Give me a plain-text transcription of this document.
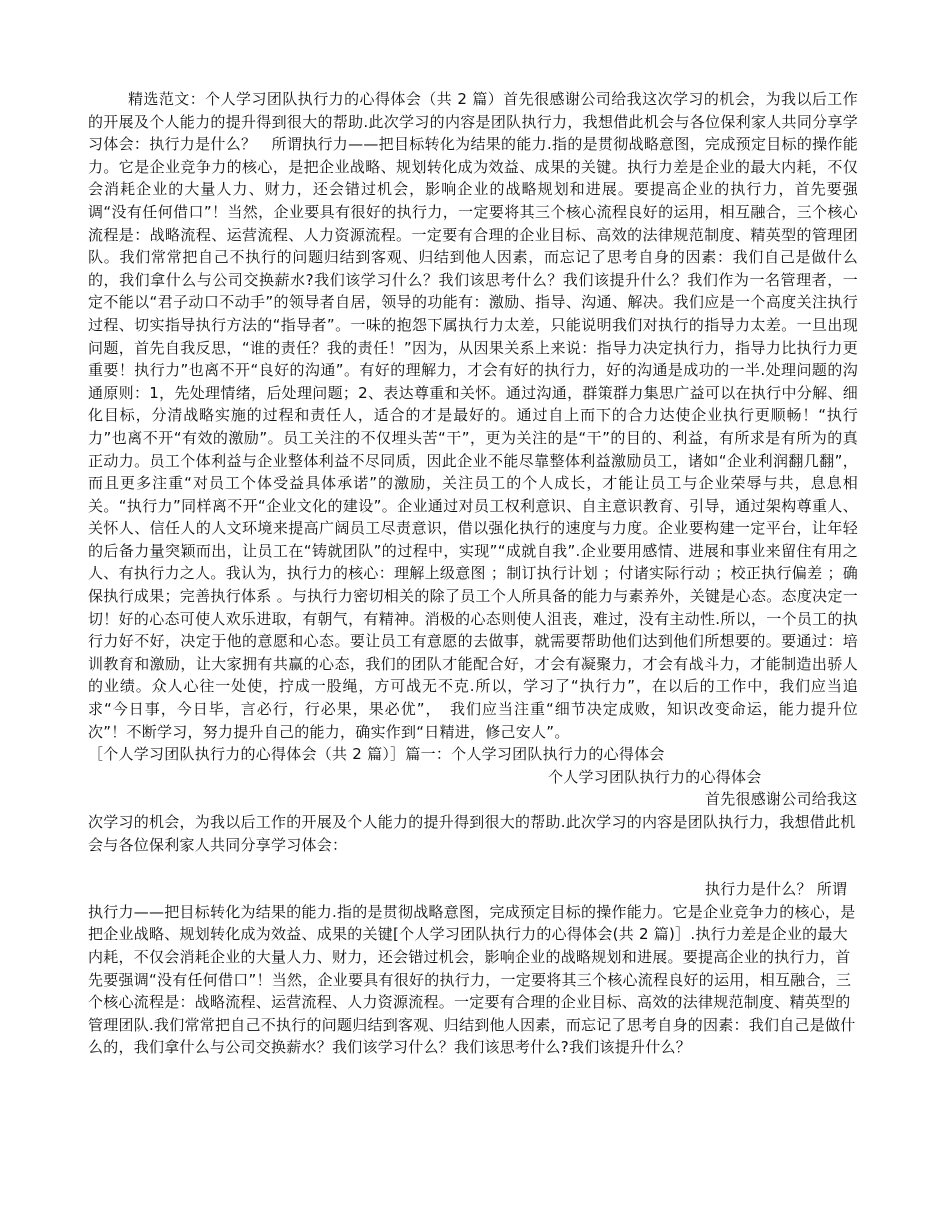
精选范文：个人学习团队执行力的心得体会（共 2 篇）首先很感谢公司给我这次学习的机会，为我以后工作的开展及个人能力的提升得到很大的帮助.此次学习的内容是团队执行力，我想借此机会与各位保利家人共同分享学习体会：执行力是什么？　所谓执行力——把目标转化为结果的能力.指的是贯彻战略意图，完成预定目标的操作能力。它是企业竞争力的核心，是把企业战略、规划转化成为效益、成果的关键。执行力差是企业的最大内耗，不仅会消耗企业的大量人力、财力，还会错过机会，影响企业的战略规划和进展。要提高企业的执行力，首先要强调“没有任何借口”！当然，企业要具有很好的执行力，一定要将其三个核心流程良好的运用，相互融合，三个核心流程是：战略流程、运营流程、人力资源流程。一定要有合理的企业目标、高效的法律规范制度、精英型的管理团队。我们常常把自己不执行的问题归结到客观、归结到他人因素，而忘记了思考自身的因素：我们自己是做什么的，我们拿什么与公司交换薪水?我们该学习什么？我们该思考什么？我们该提升什么？我们作为一名管理者，一定不能以“君子动口不动手”的领导者自居，领导的功能有：激励、指导、沟通、解决。我们应是一个高度关注执行过程、切实指导执行方法的“指导者”。一味的抱怨下属执行力太差，只能说明我们对执行的指导力太差。一旦出现问题，首先自我反思，“谁的责任？我的责任！”因为，从因果关系上来说：指导力决定执行力，指导力比执行力更重要！执行力”也离不开“良好的沟通”。有好的理解力，才会有好的执行力，好的沟通是成功的一半.处理问题的沟通原则：1，先处理情绪，后处理问题；2、表达尊重和关怀。通过沟通，群策群力集思广益可以在执行中分解、细化目标，分清战略实施的过程和责任人，适合的才是最好的。通过自上而下的合力达使企业执行更顺畅！“执行力”也离不开“有效的激励”。员工关注的不仅埋头苦“干”，更为关注的是“干”的目的、利益，有所求是有所为的真正动力。员工个体利益与企业整体利益不尽同质，因此企业不能尽靠整体利益激励员工，诸如“企业利润翻几翻”，而且更多注重“对员工个体受益具体承诺”的激励，关注员工的个人成长，才能让员工与企业荣辱与共，息息相关。“执行力”同样离不开“企业文化的建设”。企业通过对员工权利意识、自主意识教育、引导，通过架构尊重人、关怀人、信任人的人文环境来提高广阔员工尽责意识，借以强化执行的速度与力度。企业要构建一定平台，让年轻的后备力量突颖而出，让员工在“铸就团队”的过程中，实现”“成就自我”.企业要用感情、进展和事业来留住有用之人、有执行力之人。我认为，执行力的核心：理解上级意图 ；制订执行计划 ；付诸实际行动 ；校正执行偏差 ；确保执行成果；完善执行体系 。与执行力密切相关的除了员工个人所具备的能力与素养外，关键是心态。态度决定一切！好的心态可使人欢乐进取，有朝气，有精神。消极的心态则使人沮丧，难过，没有主动性.所以，一个员工的执行力好不好，决定于他的意愿和心态。要让员工有意愿的去做事，就需要帮助他们达到他们所想要的。要通过：培训教育和激励，让大家拥有共赢的心态，我们的团队才能配合好，才会有凝聚力，才会有战斗力，才能制造出骄人的业绩。众人心往一处使，拧成一股绳，方可战无不克.所以，学习了“执行力”，在以后的工作中，我们应当追求“今日事，今日毕，言必行，行必果，果必优”，　我们应当注重“细节决定成败，知识改变命运，能力提升位次”！不断学习，努力提升自己的能力，确实作到“日精进，修己安人”。

［个人学习团队执行力的心得体会（共 2 篇）］篇一：个人学习团队执行力的心得体会

个人学习团队执行力的心得体会

首先很感谢公司给我这次学习的机会，为我以后工作的开展及个人能力的提升得到很大的帮助.此次学习的内容是团队执行力，我想借此机会与各位保利家人共同分享学习体会：

执行力是什么？ 所谓执行力——把目标转化为结果的能力.指的是贯彻战略意图，完成预定目标的操作能力。它是企业竞争力的核心，是把企业战略、规划转化成为效益、成果的关键[个人学习团队执行力的心得体会(共 2 篇)］.执行力差是企业的最大内耗，不仅会消耗企业的大量人力、财力，还会错过机会，影响企业的战略规划和进展。要提高企业的执行力，首先要强调“没有任何借口”！当然，企业要具有很好的执行力，一定要将其三个核心流程良好的运用，相互融合，三个核心流程是：战略流程、运营流程、人力资源流程。一定要有合理的企业目标、高效的法律规范制度、精英型的管理团队.我们常常把自己不执行的问题归结到客观、归结到他人因素，而忘记了思考自身的因素：我们自己是做什么的，我们拿什么与公司交换薪水？我们该学习什么？我们该思考什么?我们该提升什么？
